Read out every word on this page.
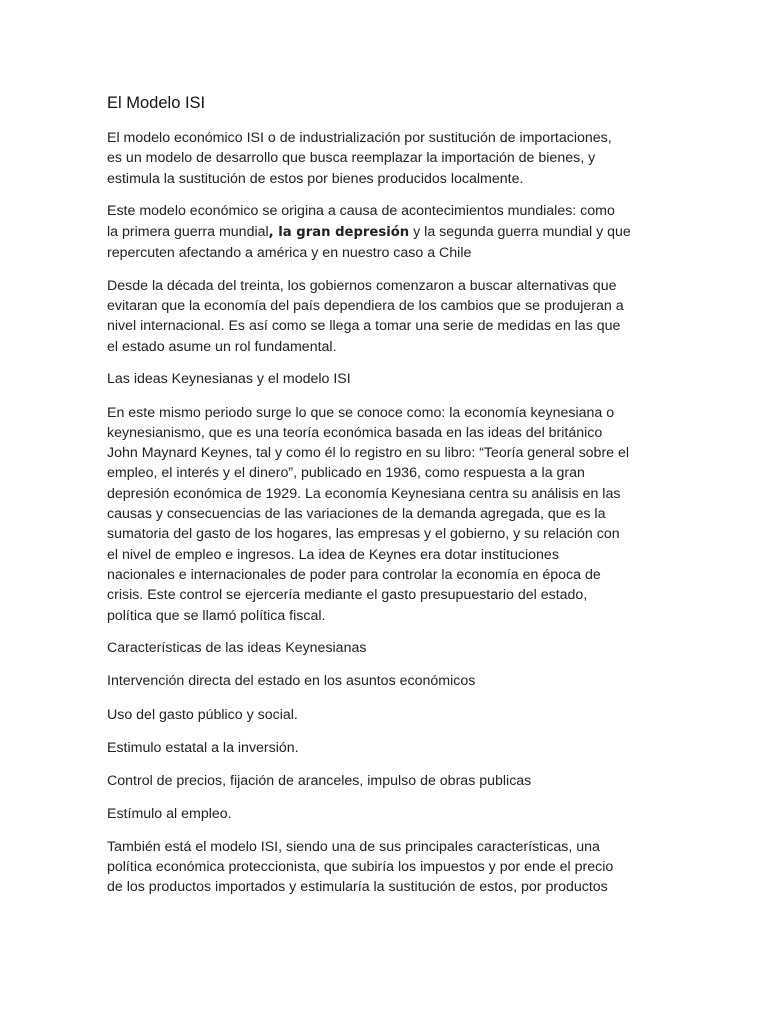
El Modelo ISI

El modelo económico ISI o de industrialización por sustitución de importaciones,
es un modelo de desarrollo que busca reemplazar la importación de bienes, y
estimula la sustitución de estos por bienes producidos localmente.

Este modelo económico se origina a causa de acontecimientos mundiales: como
la primera guerra mundial, la gran depresión y la segunda guerra mundial y que
repercuten afectando a américa y en nuestro caso a Chile

Desde la década del treinta, los gobiernos comenzaron a buscar alternativas que
evitaran que la economía del país dependiera de los cambios que se produjeran a
nivel internacional. Es así como se llega a tomar una serie de medidas en las que
el estado asume un rol fundamental.

Las ideas Keynesianas y el modelo ISI

En este mismo periodo surge lo que se conoce como: la economía keynesiana o
keynesianismo, que es una teoría económica basada en las ideas del británico
John Maynard Keynes, tal y como él lo registro en su libro: “Teoría general sobre el
empleo, el interés y el dinero”, publicado en 1936, como respuesta a la gran
depresión económica de 1929. La economía Keynesiana centra su análisis en las
causas y consecuencias de las variaciones de la demanda agregada, que es la
sumatoria del gasto de los hogares, las empresas y el gobierno, y su relación con
el nivel de empleo e ingresos. La idea de Keynes era dotar instituciones
nacionales e internacionales de poder para controlar la economía en época de
crisis. Este control se ejercería mediante el gasto presupuestario del estado,
política que se llamó política fiscal.

Características de las ideas Keynesianas

Intervención directa del estado en los asuntos económicos

Uso del gasto público y social.

Estimulo estatal a la inversión.

Control de precios, fijación de aranceles, impulso de obras publicas

Estímulo al empleo.

También está el modelo ISI, siendo una de sus principales características, una
política económica proteccionista, que subiría los impuestos y por ende el precio
de los productos importados y estimularía la sustitución de estos, por productos
